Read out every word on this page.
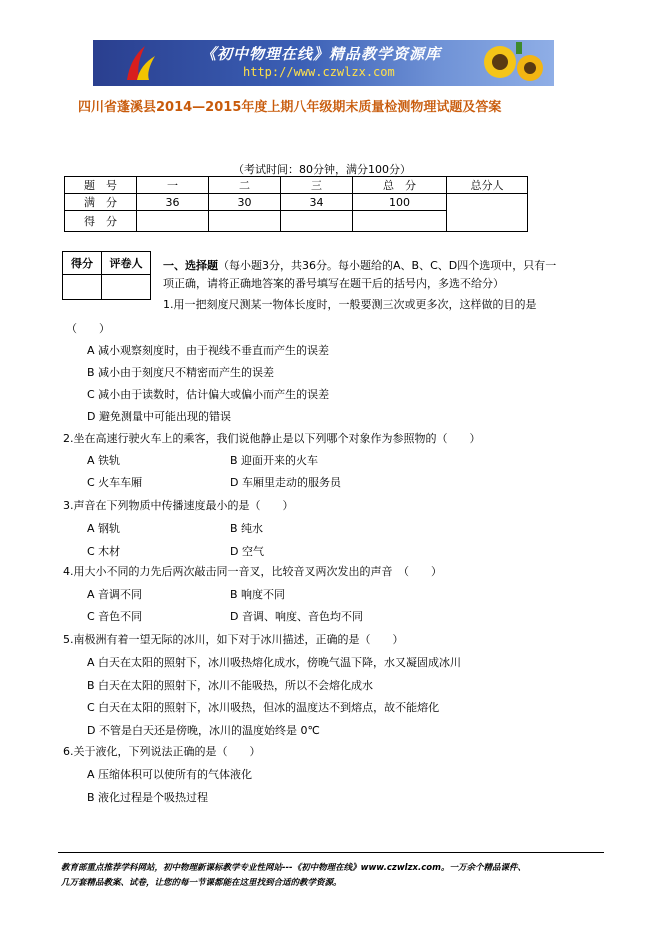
《初中物理在线》精品教学资源库
http://www.czwlzx.com
四川省蓬溪县2014—2015年度上期八年级期末质量检测物理试题及答案
（考试时间：80分钟，满分100分）
题　号	一	二	三	总　分	总分人
满　分	36	30	34	100	
得　分					
得分	评卷人
	一、选择题（每小题3分，共36分。每小题给的A、B、C、D四个选项中，只有一
项正确，请将正确地答案的番号填写在题干后的括号内，多选不给分）
1.用一把刻度尺测某一物体长度时，一般要测三次或更多次，这样做的目的是
（　　）
A 减小观察刻度时，由于视线不垂直而产生的误差
B 减小由于刻度尺不精密而产生的误差
C 减小由于读数时，估计偏大或偏小而产生的误差
D 避免测量中可能出现的错误
2.坐在高速行驶火车上的乘客，我们说他静止是以下列哪个对象作为参照物的（　　）
A 铁轨	B 迎面开来的火车
C 火车车厢	D 车厢里走动的服务员
3.声音在下列物质中传播速度最小的是（　　）
A 钢轨	B 纯水
C 木材	D 空气
4.用大小不同的力先后两次敲击同一音叉，比较音叉两次发出的声音　（　　）
A 音调不同	B 响度不同
C 音色不同	D 音调、响度、音色均不同
5.南极洲有着一望无际的冰川，如下对于冰川描述，正确的是（　　）
A 白天在太阳的照射下，冰川吸热熔化成水，傍晚气温下降，水又凝固成冰川
B 白天在太阳的照射下，冰川不能吸热，所以不会熔化成水
C 白天在太阳的照射下，冰川吸热，但冰的温度达不到熔点，故不能熔化
D 不管是白天还是傍晚，冰川的温度始终是 0℃
6.关于液化，下列说法正确的是（　　）
A 压缩体积可以使所有的气体液化
B 液化过程是个吸热过程
教育部重点推荐学科网站，初中物理新课标教学专业性网站---《初中物理在线》www.czwlzx.com。一万余个精品课件、
几万套精品教案、试卷，让您的每一节课都能在这里找到合适的教学资源。
